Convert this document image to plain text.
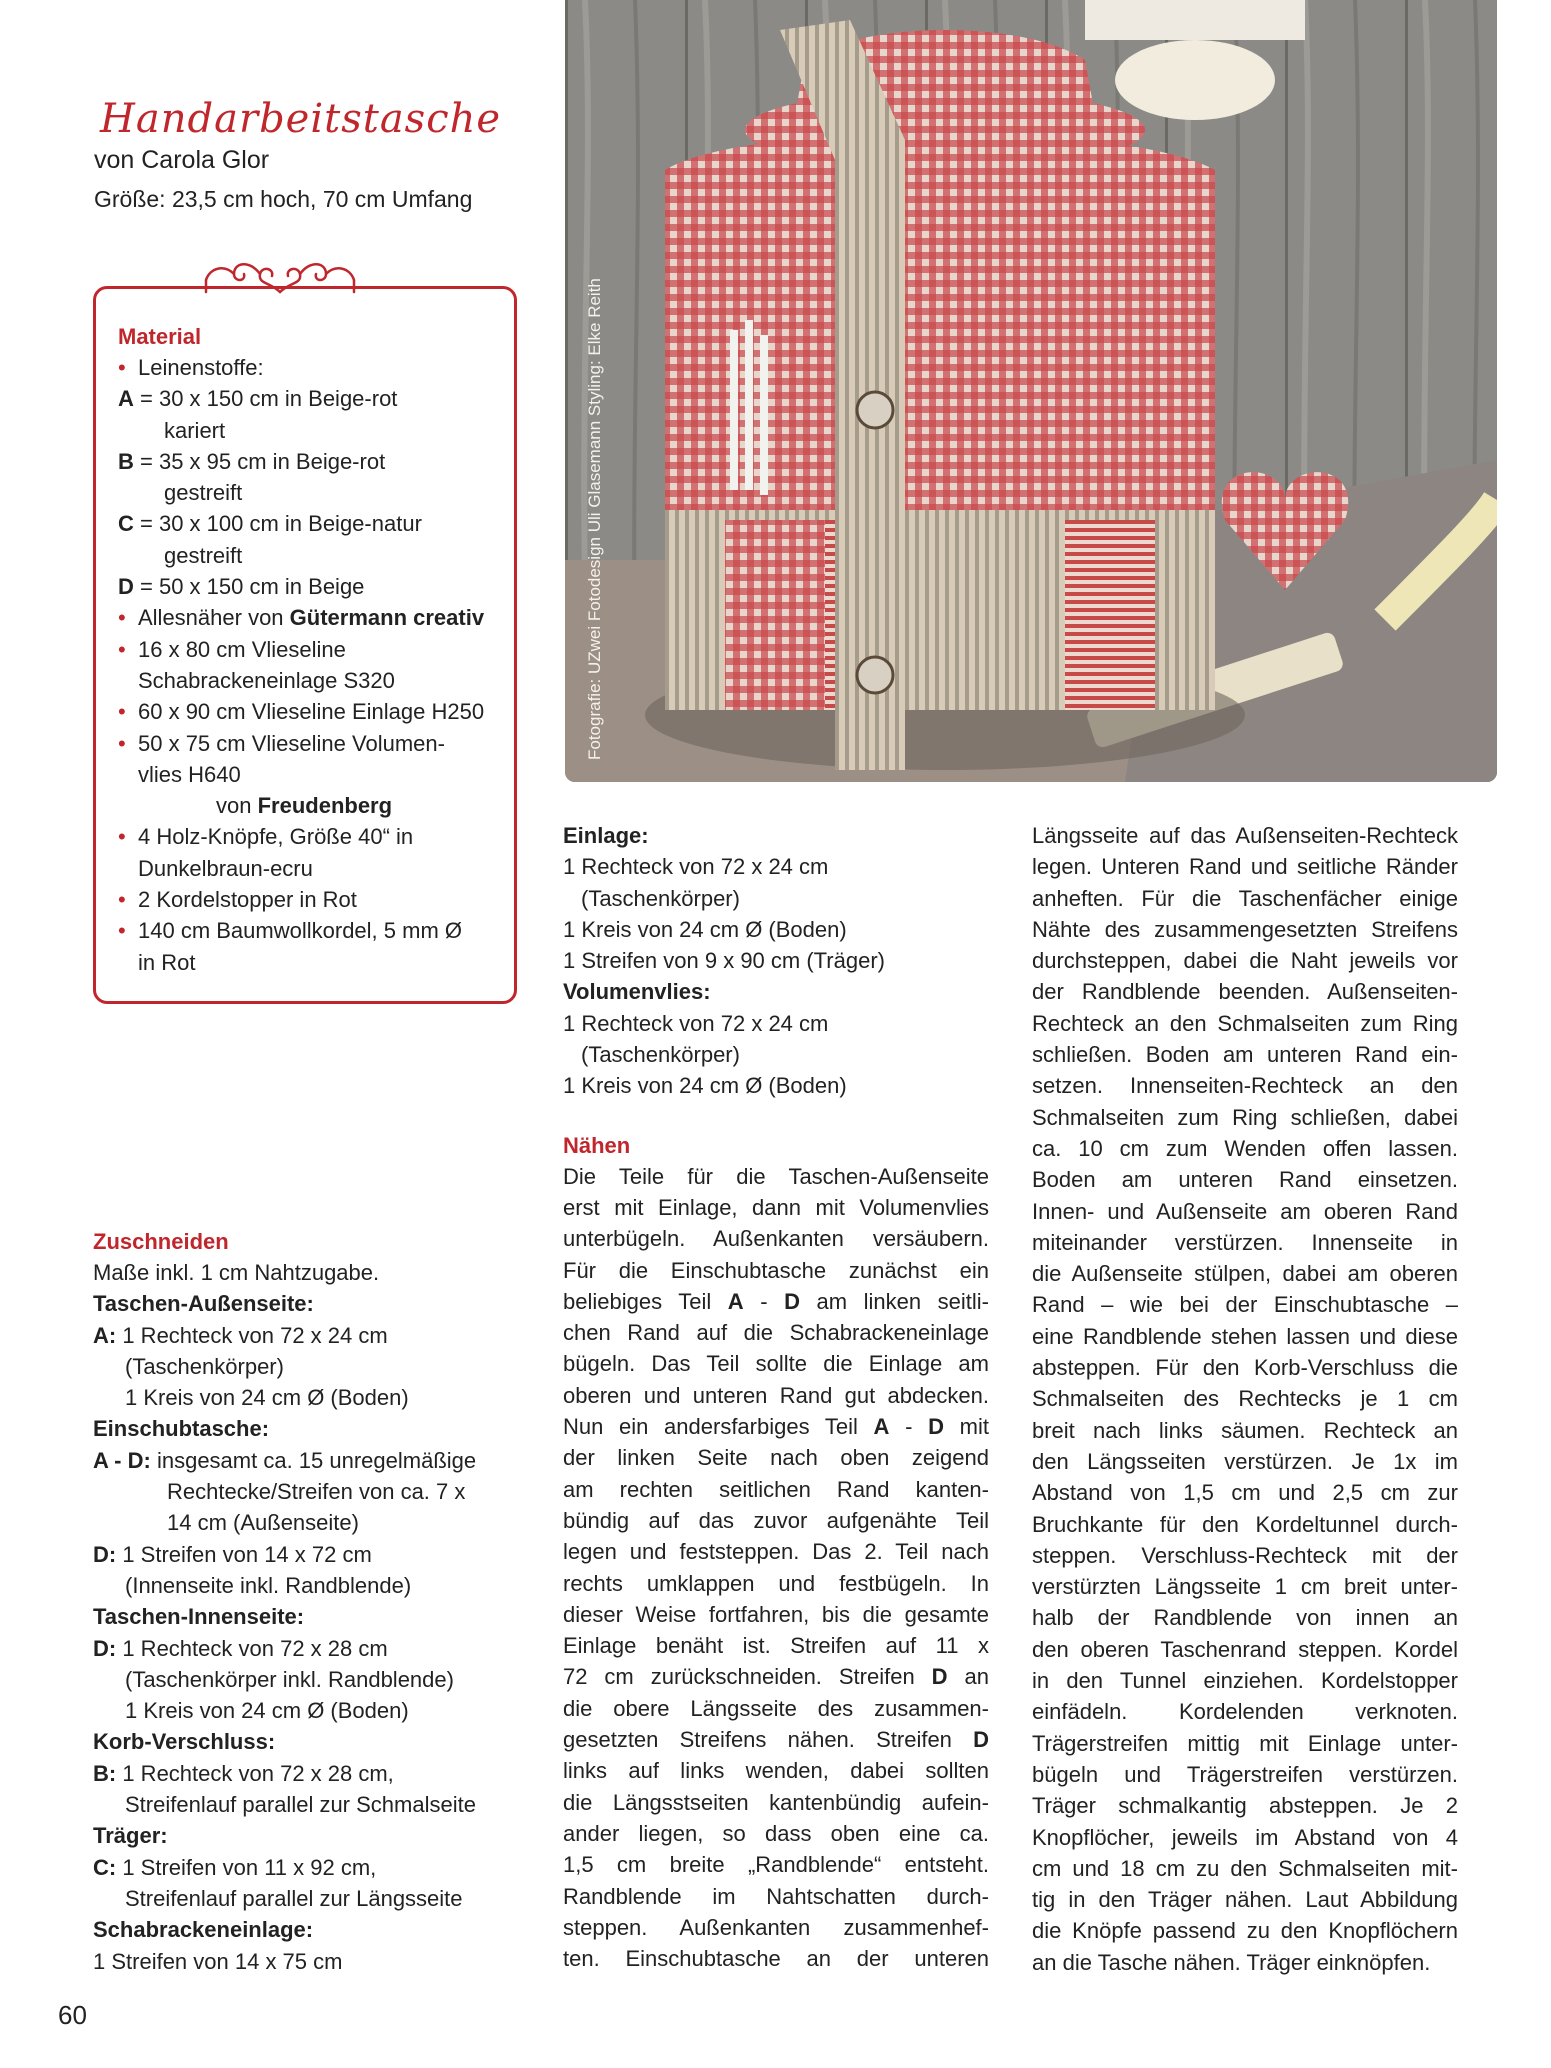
Handarbeitstasche
von Carola Glor
Größe: 23,5 cm hoch, 70 cm Umfang
Material
• Leinenstoffe:
A = 30 x 150 cm in Beige-rot
kariert
B = 35 x 95 cm in Beige-rot
gestreift
C = 30 x 100 cm in Beige-natur
gestreift
D = 50 x 150 cm in Beige
• Allesnäher von Gütermann creativ
• 16 x 80 cm Vlieseline
Schabrackeneinlage S320
• 60 x 90 cm Vlieseline Einlage H250
• 50 x 75 cm Vlieseline Volumen-
vlies H640
von Freudenberg
• 4 Holz-Knöpfe, Größe 40“ in
Dunkelbraun-ecru
• 2 Kordelstopper in Rot
• 140 cm Baumwollkordel, 5 mm Ø
in Rot
Fotografie: UZwei Fotodesign Uli Glasemann Styling: Elke Reith
Zuschneiden
Maße inkl. 1 cm Nahtzugabe.
Taschen-Außenseite:
A: 1 Rechteck von 72 x 24 cm
(Taschenkörper)
1 Kreis von 24 cm Ø (Boden)
Einschubtasche:
A - D: insgesamt ca. 15 unregelmäßige
Rechtecke/Streifen von ca. 7 x
14 cm (Außenseite)
D: 1 Streifen von 14 x 72 cm
(Innenseite inkl. Randblende)
Taschen-Innenseite:
D: 1 Rechteck von 72 x 28 cm
(Taschenkörper inkl. Randblende)
1 Kreis von 24 cm Ø (Boden)
Korb-Verschluss:
B: 1 Rechteck von 72 x 28 cm,
Streifenlauf parallel zur Schmalseite
Träger:
C: 1 Streifen von 11 x 92 cm,
Streifenlauf parallel zur Längsseite
Schabrackeneinlage:
1 Streifen von 14 x 75 cm
Einlage:
1 Rechteck von 72 x 24 cm
(Taschenkörper)
1 Kreis von 24 cm Ø (Boden)
1 Streifen von 9 x 90 cm (Träger)
Volumenvlies:
1 Rechteck von 72 x 24 cm
(Taschenkörper)
1 Kreis von 24 cm Ø (Boden)
Nähen
Die Teile für die Taschen-Außenseite
erst mit Einlage, dann mit Volumenvlies
unterbügeln. Außenkanten versäubern.
Für die Einschubtasche zunächst ein
beliebiges Teil A - D am linken seitli-
chen Rand auf die Schabrackeneinlage
bügeln. Das Teil sollte die Einlage am
oberen und unteren Rand gut abdecken.
Nun ein andersfarbiges Teil A - D mit
der linken Seite nach oben zeigend
am rechten seitlichen Rand kanten-
bündig auf das zuvor aufgenähte Teil
legen und feststeppen. Das 2. Teil nach
rechts umklappen und festbügeln. In
dieser Weise fortfahren, bis die gesamte
Einlage benäht ist. Streifen auf 11 x
72 cm zurückschneiden. Streifen D an
die obere Längsseite des zusammen-
gesetzten Streifens nähen. Streifen D
links auf links wenden, dabei sollten
die Längsstseiten kantenbündig aufein-
ander liegen, so dass oben eine ca.
1,5 cm breite „Randblende“ entsteht.
Randblende im Nahtschatten durch-
steppen. Außenkanten zusammenhef-
ten. Einschubtasche an der unteren
Längsseite auf das Außenseiten-Rechteck
legen. Unteren Rand und seitliche Ränder
anheften. Für die Taschenfächer einige
Nähte des zusammengesetzten Streifens
durchsteppen, dabei die Naht jeweils vor
der Randblende beenden. Außenseiten-
Rechteck an den Schmalseiten zum Ring
schließen. Boden am unteren Rand ein-
setzen. Innenseiten-Rechteck an den
Schmalseiten zum Ring schließen, dabei
ca. 10 cm zum Wenden offen lassen.
Boden am unteren Rand einsetzen.
Innen- und Außenseite am oberen Rand
miteinander verstürzen. Innenseite in
die Außenseite stülpen, dabei am oberen
Rand – wie bei der Einschubtasche –
eine Randblende stehen lassen und diese
absteppen. Für den Korb-Verschluss die
Schmalseiten des Rechtecks je 1 cm
breit nach links säumen. Rechteck an
den Längsseiten verstürzen. Je 1x im
Abstand von 1,5 cm und 2,5 cm zur
Bruchkante für den Kordeltunnel durch-
steppen. Verschluss-Rechteck mit der
verstürzten Längsseite 1 cm breit unter-
halb der Randblende von innen an
den oberen Taschenrand steppen. Kordel
in den Tunnel einziehen. Kordelstopper
einfädeln. Kordelenden verknoten.
Trägerstreifen mittig mit Einlage unter-
bügeln und Trägerstreifen verstürzen.
Träger schmalkantig absteppen. Je 2
Knopflöcher, jeweils im Abstand von 4
cm und 18 cm zu den Schmalseiten mit-
tig in den Träger nähen. Laut Abbildung
die Knöpfe passend zu den Knopflöchern
an die Tasche nähen. Träger einknöpfen.
60
